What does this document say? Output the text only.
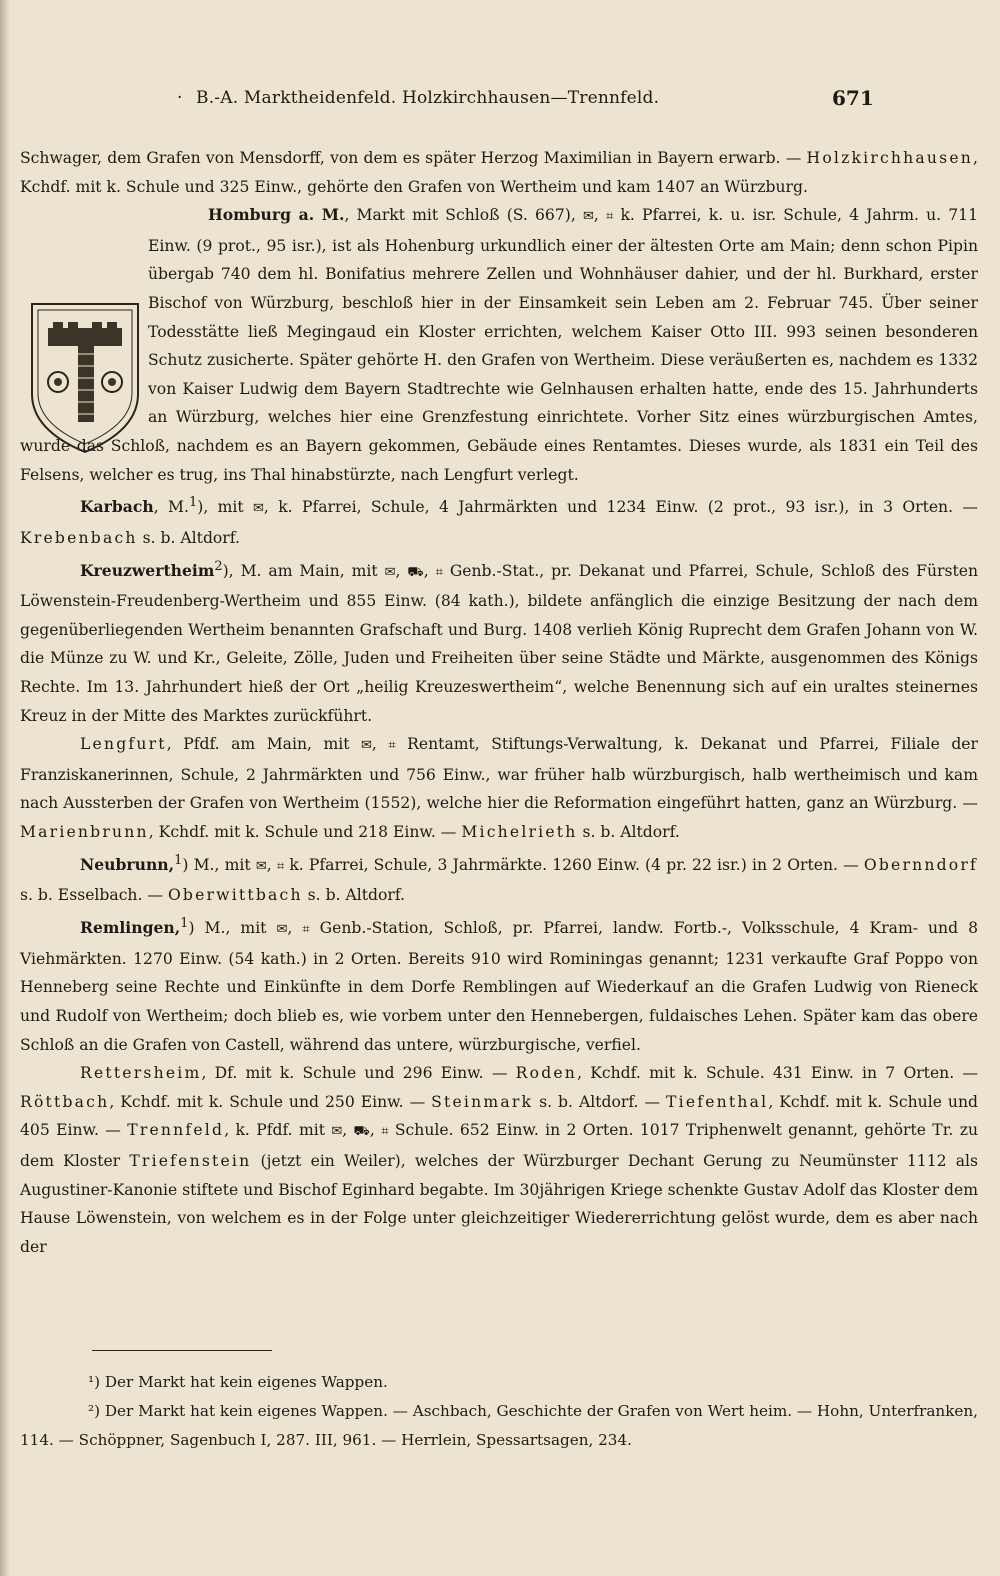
· B.-A. Marktheidenfeld. Holzkirchhausen—Trennfeld.	671

Schwager, dem Grafen von Mensdorff, von dem es später Herzog Maximilian in Bayern erwarb. — Holzkirchhausen, Kchdf. mit k. Schule und 325 Einw., gehörte den Grafen von Wertheim und kam 1407 an Würzburg.

Homburg a. M., Markt mit Schloß (S. 667), ✉, ⌗ k. Pfarrei, k. u. isr. Schule, 4 Jahrm. u. 711 Einw. (9 prot., 95 isr.), ist als Hohenburg urkundlich einer der ältesten Orte am Main; denn schon Pipin übergab 740 dem hl. Bonifatius mehrere Zellen und Wohnhäuser dahier, und der hl. Burkhard, erster Bischof von Würzburg, beschloß hier in der Einsamkeit sein Leben am 2. Februar 745. Über seiner Todesstätte ließ Megingaud ein Kloster errichten, welchem Kaiser Otto III. 993 seinen besonderen Schutz zusicherte. Später gehörte H. den Grafen von Wertheim. Diese veräußerten es, nachdem es 1332 von Kaiser Ludwig dem Bayern Stadtrechte wie Gelnhausen erhalten hatte, ende des 15. Jahrhunderts an Würzburg, welches hier eine Grenzfestung einrichtete. Vorher Sitz eines würzburgischen Amtes, wurde das Schloß, nachdem es an Bayern gekommen, Gebäude eines Rentamtes. Dieses wurde, als 1831 ein Teil des Felsens, welcher es trug, ins Thal hinabstürzte, nach Lengfurt verlegt.

Karbach, M.$^1$), mit ✉, k. Pfarrei, Schule, 4 Jahrmärkten und 1234 Einw. (2 prot., 93 isr.), in 3 Orten. — Krebenbach s. b. Altdorf.

Kreuzwertheim$^2$), M. am Main, mit ✉, ⛟, ⌗ Genb.-Stat., pr. Dekanat und Pfarrei, Schule, Schloß des Fürsten Löwenstein-Freudenberg-Wertheim und 855 Einw. (84 kath.), bildete anfänglich die einzige Besitzung der nach dem gegenüberliegenden Wertheim benannten Grafschaft und Burg. 1408 verlieh König Ruprecht dem Grafen Johann von W. die Münze zu W. und Kr., Geleite, Zölle, Juden und Freiheiten über seine Städte und Märkte, ausgenommen des Königs Rechte. Im 13. Jahrhundert hieß der Ort „heilig Kreuzeswertheim“, welche Benennung sich auf ein uraltes steinernes Kreuz in der Mitte des Marktes zurückführt.

Lengfurt, Pfdf. am Main, mit ✉, ⌗ Rentamt, Stiftungs-Verwaltung, k. Dekanat und Pfarrei, Filiale der Franziskanerinnen, Schule, 2 Jahrmärkten und 756 Einw., war früher halb würzburgisch, halb wertheimisch und kam nach Aussterben der Grafen von Wertheim (1552), welche hier die Reformation eingeführt hatten, ganz an Würzburg. — Marienbrunn, Kchdf. mit k. Schule und 218 Einw. — Michelrieth s. b. Altdorf.

Neubrunn,$^1$) M., mit ✉, ⌗ k. Pfarrei, Schule, 3 Jahrmärkte. 1260 Einw. (4 pr. 22 isr.) in 2 Orten. — Obernndorf s. b. Esselbach. — Oberwittbach s. b. Altdorf.

Remlingen,$^1$) M., mit ✉, ⌗ Genb.-Station, Schloß, pr. Pfarrei, landw. Fortb.-, Volksschule, 4 Kram- und 8 Viehmärkten. 1270 Einw. (54 kath.) in 2 Orten. Bereits 910 wird Rominingas genannt; 1231 verkaufte Graf Poppo von Henneberg seine Rechte und Einkünfte in dem Dorfe Remblingen auf Wiederkauf an die Grafen Ludwig von Rieneck und Rudolf von Wertheim; doch blieb es, wie vorbem unter den Hennebergen, fuldaisches Lehen. Später kam das obere Schloß an die Grafen von Castell, während das untere, würzburgische, verfiel.

Rettersheim, Df. mit k. Schule und 296 Einw. — Roden, Kchdf. mit k. Schule. 431 Einw. in 7 Orten. — Röttbach, Kchdf. mit k. Schule und 250 Einw. — Steinmark s. b. Altdorf. — Tiefenthal, Kchdf. mit k. Schule und 405 Einw. — Trennfeld, k. Pfdf. mit ✉, ⛟, ⌗ Schule. 652 Einw. in 2 Orten. 1017 Triphenwelt genannt, gehörte Tr. zu dem Kloster Triefenstein (jetzt ein Weiler), welches der Würzburger Dechant Gerung zu Neumünster 1112 als Augustiner-Kanonie stiftete und Bischof Eginhard begabte. Im 30jährigen Kriege schenkte Gustav Adolf das Kloster dem Hause Löwenstein, von welchem es in der Folge unter gleichzeitiger Wiedererrichtung gelöst wurde, dem es aber nach der

¹) Der Markt hat kein eigenes Wappen.

²) Der Markt hat kein eigenes Wappen. — Aschbach, Geschichte der Grafen von Wert heim. — Hohn, Unterfranken, 114. — Schöppner, Sagenbuch I, 287. III, 961. — Herrlein, Spessartsagen, 234.
